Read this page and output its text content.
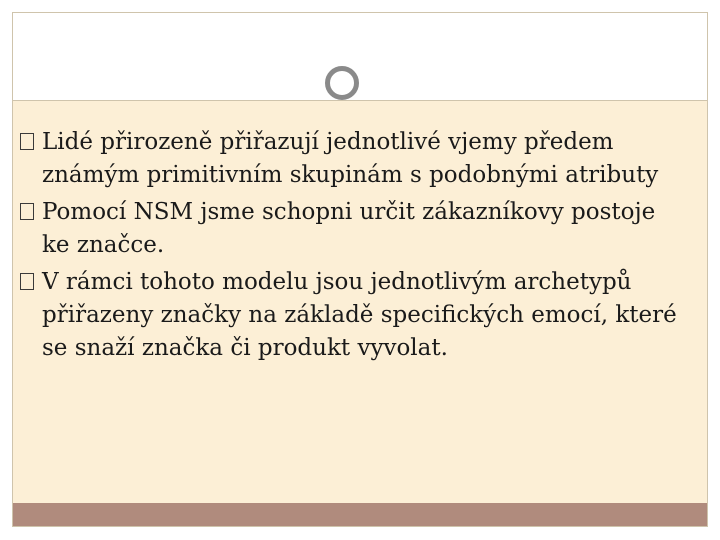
Lidé přirozeně přiřazují jednotlivé vjemy předem známým primitivním skupinám s podobnými atributy
Pomocí NSM jsme schopni určit zákazníkovy postoje ke značce.
V rámci tohoto modelu jsou jednotlivým archetypů přiřazeny značky na základě specifických emocí, které se snaží značka či produkt vyvolat.
